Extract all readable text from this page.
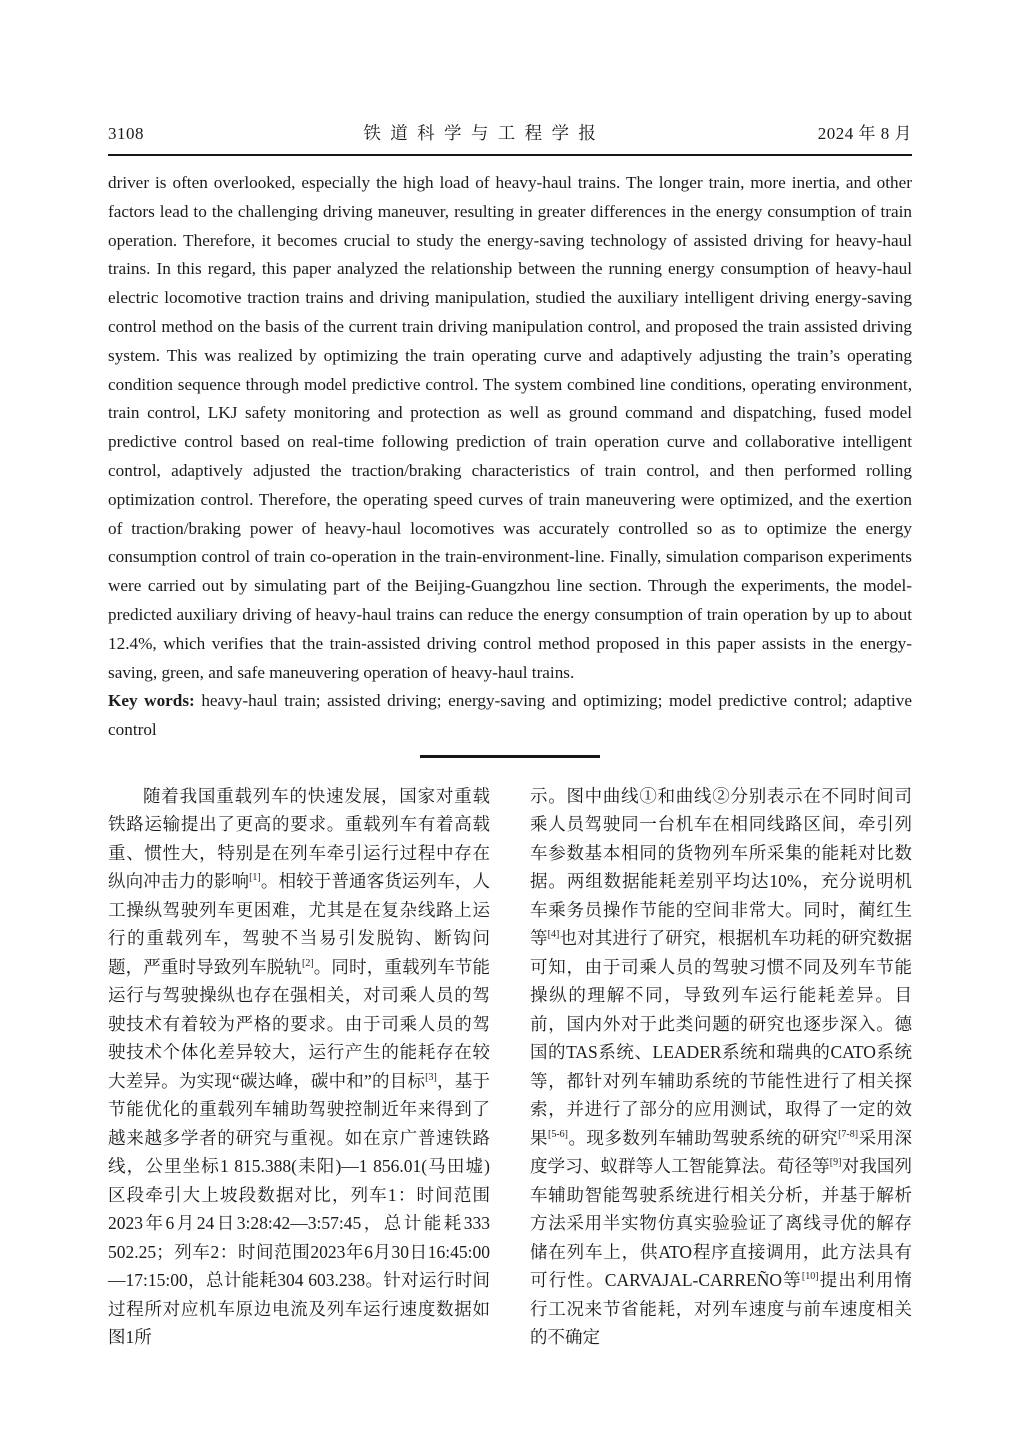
3108	铁 道 科 学 与 工 程 学 报	2024 年 8 月

driver is often overlooked, especially the high load of heavy-haul trains. The longer train, more inertia, and other factors lead to the challenging driving maneuver, resulting in greater differences in the energy consumption of train operation. Therefore, it becomes crucial to study the energy-saving technology of assisted driving for heavy-haul trains. In this regard, this paper analyzed the relationship between the running energy consumption of heavy-haul electric locomotive traction trains and driving manipulation, studied the auxiliary intelligent driving energy-saving control method on the basis of the current train driving manipulation control, and proposed the train assisted driving system. This was realized by optimizing the train operating curve and adaptively adjusting the train’s operating condition sequence through model predictive control. The system combined line conditions, operating environment, train control, LKJ safety monitoring and protection as well as ground command and dispatching, fused model predictive control based on real-time following prediction of train operation curve and collaborative intelligent control, adaptively adjusted the traction/braking characteristics of train control, and then performed rolling optimization control. Therefore, the operating speed curves of train maneuvering were optimized, and the exertion of traction/braking power of heavy-haul locomotives was accurately controlled so as to optimize the energy consumption control of train co-operation in the train-environment-line. Finally, simulation comparison experiments were carried out by simulating part of the Beijing-Guangzhou line section. Through the experiments, the model-predicted auxiliary driving of heavy-haul trains can reduce the energy consumption of train operation by up to about 12.4%, which verifies that the train-assisted driving control method proposed in this paper assists in the energy-saving, green, and safe maneuvering operation of heavy-haul trains.

Key words: heavy-haul train; assisted driving; energy-saving and optimizing; model predictive control; adaptive control

随着我国重载列车的快速发展，国家对重载铁路运输提出了更高的要求。重载列车有着高载重、惯性大，特别是在列车牵引运行过程中存在纵向冲击力的影响[1]。相较于普通客货运列车，人工操纵驾驶列车更困难，尤其是在复杂线路上运行的重载列车，驾驶不当易引发脱钩、断钩问题，严重时导致列车脱轨[2]。同时，重载列车节能运行与驾驶操纵也存在强相关，对司乘人员的驾驶技术有着较为严格的要求。由于司乘人员的驾驶技术个体化差异较大，运行产生的能耗存在较大差异。为实现“碳达峰，碳中和”的目标[3]，基于节能优化的重载列车辅助驾驶控制近年来得到了越来越多学者的研究与重视。如在京广普速铁路线，公里坐标1 815.388(耒阳)—1 856.01(马田墟)区段牵引大上坡段数据对比，列车1：时间范围2023年6月24日3:28:42—3:57:45，总计能耗333 502.25；列车2：时间范围2023年6月30日16:45:00—17:15:00，总计能耗304 603.238。针对运行时间过程所对应机车原边电流及列车运行速度数据如图1所

示。图中曲线①和曲线②分别表示在不同时间司乘人员驾驶同一台机车在相同线路区间，牵引列车参数基本相同的货物列车所采集的能耗对比数据。两组数据能耗差别平均达10%，充分说明机车乘务员操作节能的空间非常大。同时，蔺红生等[4]也对其进行了研究，根据机车功耗的研究数据可知，由于司乘人员的驾驶习惯不同及列车节能操纵的理解不同，导致列车运行能耗差异。目前，国内外对于此类问题的研究也逐步深入。德国的TAS系统、LEADER系统和瑞典的CATO系统等，都针对列车辅助系统的节能性进行了相关探索，并进行了部分的应用测试，取得了一定的效果[5-6]。现多数列车辅助驾驶系统的研究[7-8]采用深度学习、蚁群等人工智能算法。荀径等[9]对我国列车辅助智能驾驶系统进行相关分析，并基于解析方法采用半实物仿真实验验证了离线寻优的解存储在列车上，供ATO程序直接调用，此方法具有可行性。CARVAJAL-CARREÑO等[10]提出利用惰行工况来节省能耗，对列车速度与前车速度相关的不确定
